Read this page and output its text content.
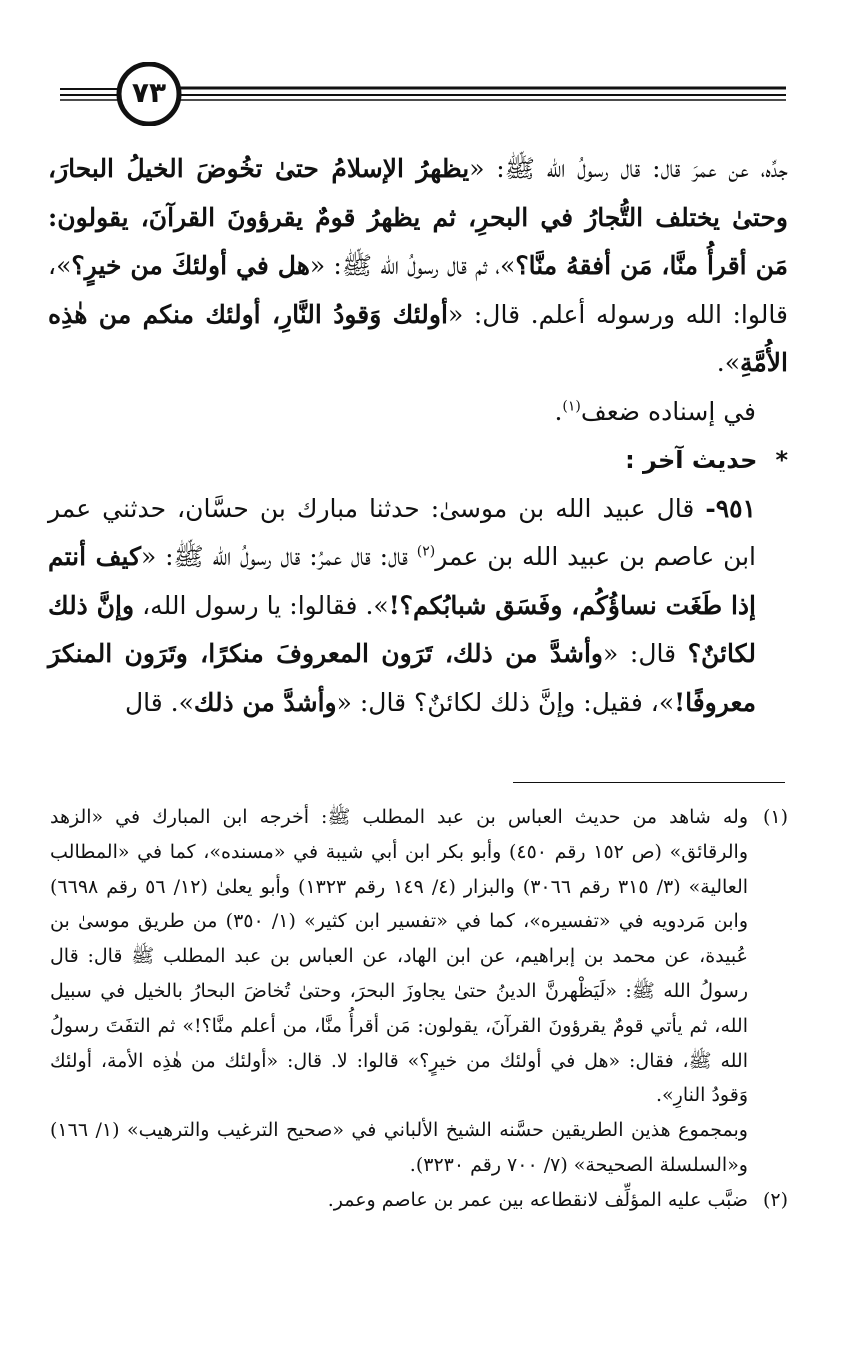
٧٣

جدِّه، عن عمرَ قال: قال رسولُ الله ﷺ: «يظهرُ الإسلامُ حتىٰ تخُوضَ الخيلُ البحارَ، وحتىٰ يختلف التُّجارُ في البحرِ، ثم يظهرُ قومٌ يقرؤونَ القرآنَ، يقولون: مَن أقرأُ منَّا، مَن أفقهُ منَّا؟»، ثم قال رسولُ الله ﷺ: «هل في أولئكَ من خيرٍ؟»، قالوا: الله ورسوله أعلم. قال: «أولئك وَقودُ النَّارِ، أولئك منكم من هٰذِه الأُمَّةِ».

في إسناده ضعف$^{(١)}$.

*حديث آخر :

٩٥١- قال عبيد الله بن موسىٰ: حدثنا مبارك بن حسَّان، حدثني عمر ابن عاصم بن عبيد الله بن عمر$^{(٢)}$ قال: قال عمرُ: قال رسولُ الله ﷺ: «كيف أنتم إذا طَغَت نساؤُكُم، وفَسَق شبابُكم؟!». فقالوا: يا رسول الله، وإنَّ ذلك لكائنٌ؟ قال: «وأشدَّ من ذلك، تَرَون المعروفَ منكرًا، وتَرَون المنكرَ معروفًا!»، فقيل: وإنَّ ذلك لكائنٌ؟ قال: «وأشدَّ من ذلك». قال

(١)

وله شاهد من حديث العباس بن عبد المطلب ﷺ: أخرجه ابن المبارك في «الزهد والرقائق» (ص ١٥٢ رقم ٤٥٠) وأبو بكر ابن أبي شيبة في «مسنده»، كما في «المطالب العالية» (٣/ ٣١٥ رقم ٣٠٦٦) والبزار (٤/ ١٤٩ رقم ١٣٢٣) وأبو يعلىٰ (١٢/ ٥٦ رقم ٦٦٩٨) وابن مَردويه في «تفسيره»، كما في «تفسير ابن كثير» (١/ ٣٥٠) من طريق موسىٰ بن عُبيدة، عن محمد بن إبراهيم، عن ابن الهاد، عن العباس بن عبد المطلب ﷺ قال: قال رسولُ الله ﷺ: «لَيَظْهرنَّ الدينُ حتىٰ يجاوزَ البحرَ، وحتىٰ تُخاضَ البحارُ بالخيل في سبيل الله، ثم يأتي قومٌ يقرؤونَ القرآنَ، يقولون: مَن أقرأُ منَّا، من أعلم منَّا؟!» ثم التفَتَ رسولُ الله ﷺ، فقال: «هل في أولئك من خيرٍ؟» قالوا: لا. قال: «أولئك من هٰذِه الأمة، أولئك وَقودُ النارِ».

وبمجموع هذين الطريقين حسَّنه الشيخ الألباني في «صحيح الترغيب والترهيب» (١/ ١٦٦) و«السلسلة الصحيحة» (٧/ ٧٠٠ رقم ٣٢٣٠).

(٢)

ضبَّب عليه المؤلِّف لانقطاعه بين عمر بن عاصم وعمر.
